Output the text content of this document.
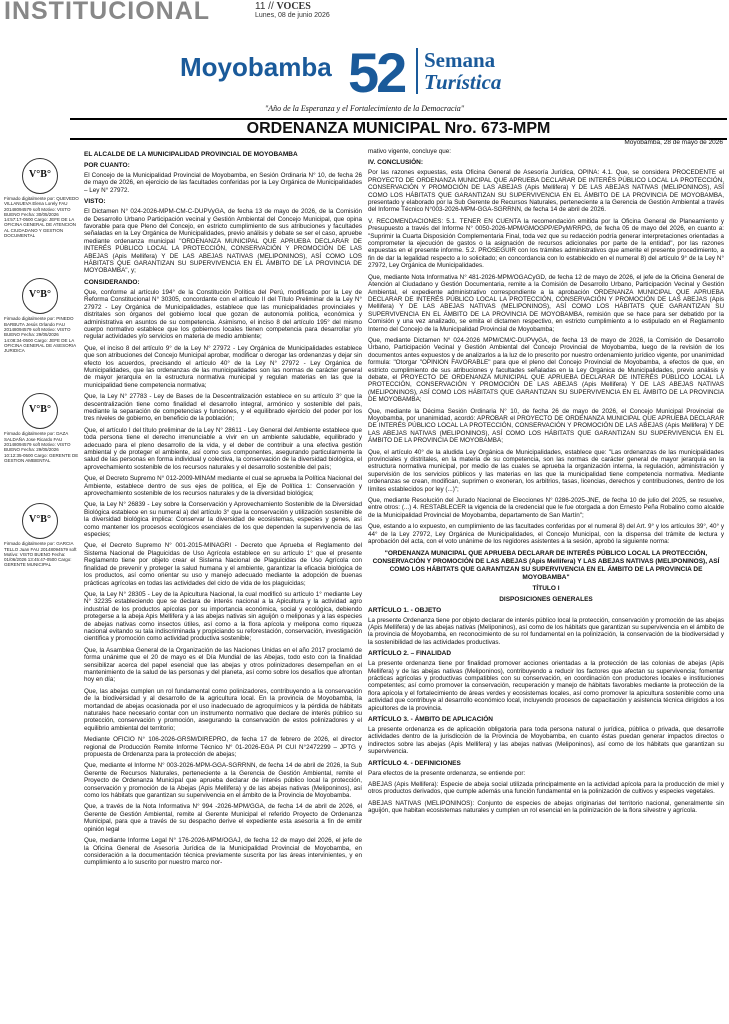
INSTITUCIONAL	11 // VOCES
Lunes, 08 de junio 2026
Moyobamba 52 Semana
Turística
"Año de la Esperanza y el Fortalecimiento de la Democracia"
ORDENANZA MUNICIPAL Nro. 673-MPM
Moyobamba, 28 de mayo de 2026
V°B°
Firmado digitalmente por: QUEVEDO VILLANUEVA Elena Lorely FAU 20148094579 soft Motivo: VISTO BUENO Fecha: 30/05/2026 14:57:17-0500 Cargo: JEFE DE LA OFICINA GENERAL DE ATENCION AL CIUDADANO Y GESTION DOCUMENTAL
V°B°
Firmado digitalmente por: PINEDO BARBUTA Jesús Orlando FAU 20148094579 soft Motivo: VISTO BUENO Fecha: 29/05/2026 14:08:34-0500 Cargo: JEFE DE LA OFICINA GENERAL DE ASESORIA JURIDICA
V°B°
Firmado digitalmente por: DAZA SALDAÑA Jose Ricardo FAU 20148094579 soft Motivo: VISTO BUENO Fecha: 29/05/2026 10:12:35-0500 Cargo: GERENTE DE GESTION AMBIENTAL
V°B°
Firmado digitalmente por: GARCIA TELLO Juan FAU 20148094579 soft Motivo: VISTO BUENO Fecha: 01/06/2026 13:45:47-0500 Cargo: GERENTE MUNICIPAL

EL ALCALDE DE LA MUNICIPALIDAD PROVINCIAL DE MOYOBAMBA

POR CUANTO:

El Concejo de la Municipalidad Provincial de Moyobamba, en Sesión Ordinaria N° 10, de fecha 26 de mayo de 2026, en ejercicio de las facultades conferidas por la Ley Orgánica de Municipalidades – Ley N° 27972.

VISTO:

El Dictamen N° 024-2026-MPM-CM-C-DUPVyGA, de fecha 13 de mayo de 2026, de la Comisión de Desarrollo Urbano Participación vecinal y Gestión Ambiental del Concejo Municipal, que opina favorable para que Pleno del Concejo, en estricto cumplimiento de sus atribuciones y facultades señaladas en la Ley Orgánica de Municipalidades, previo análisis y debate se ser el caso, apruebe mediante ordenanza municipal "ORDENANZA MUNICIPAL QUE APRUEBA DECLARAR DE INTERÉS PÚBLICO LOCAL LA PROTECCIÓN, CONSERVACIÓN Y PROMOCIÓN DE LAS ABEJAS (Apis Mellifera) Y DE LAS ABEJAS NATIVAS (MELIPONINOS), ASÍ COMO LOS HÁBITATS QUE GARANTIZAN SU SUPERVIVENCIA EN EL ÁMBITO DE LA PROVINCIA DE MOYOBAMBA", y;

CONSIDERANDO:

Que, conforme al artículo 194° de la Constitución Política del Perú, modificado por la Ley de Reforma Constitucional N° 30305, concordante con el artículo II del Título Preliminar de la Ley N° 27972 - Ley Orgánica de Municipalidades, establece que las municipalidades provinciales y distritales son órganos del gobierno local que gozan de autonomía política, económica y administrativa en asuntos de su competencia. Asimismo, el inciso 8 del artículo 195° del mismo cuerpo normativo establece que los gobiernos locales tienen competencia para desarrollar y/o regular actividades y/o servicios en materia de medio ambiente;

Que, el inciso 8 del artículo 9° de la Ley N° 27972 - Ley Orgánica de Municipalidades establece que son atribuciones del Concejo Municipal aprobar, modificar o derogar las ordenanzas y dejar sin efecto los acuerdos, precisando el artículo 40° de la Ley N° 27972 - Ley Orgánica de Municipalidades, que las ordenanzas de las municipalidades son las normas de carácter general de mayor jerarquía en la estructura normativa municipal y regulan materias en las que la municipalidad tiene competencia normativa;

Que, la Ley N° 27783 - Ley de Bases de la Descentralización establece en su artículo 3° que la descentralización tiene como finalidad el desarrollo integral, armónico y sostenible del país, mediante la separación de competencias y funciones, y el equilibrado ejercicio del poder por los tres niveles de gobierno, en beneficio de la población;

Que, el artículo I del título preliminar de la Ley N° 28611 - Ley General del Ambiente establece que toda persona tiene el derecho irrenunciable a vivir en un ambiente saludable, equilibrado y adecuado para el pleno desarrollo de la vida, y el deber de contribuir a una efectiva gestión ambiental y de proteger el ambiente, así como sus componentes, asegurando particularmente la salud de las personas en forma individual y colectiva, la conservación de la diversidad biológica, el aprovechamiento sostenible de los recursos naturales y el desarrollo sostenible del país;

Que, el Decreto Supremo N° 012-2009-MINAM mediante el cual se aprueba la Política Nacional del Ambiente, establece dentro de sus ejes de política, el Eje de Política 1: Conservación y aprovechamiento sostenible de los recursos naturales y de la diversidad biológica;

Que, la Ley N° 26839 - Ley sobre la Conservación y Aprovechamiento Sostenible de la Diversidad Biológica establece en su numeral a) del artículo 3° que la conservación y utilización sostenible de la diversidad biológica implica: Conservar la diversidad de ecosistemas, especies y genes, así como mantener los procesos ecológicos esenciales de los que dependen la supervivencia de las especies;

Que, el Decreto Supremo N° 001-2015-MINAGRI - Decreto que Aprueba el Reglamento del Sistema Nacional de Plaguicidas de Uso Agrícola establece en su artículo 1° que el presente Reglamento tiene por objeto crear el Sistema Nacional de Plaguicidas de Uso Agrícola con finalidad de prevenir y proteger la salud humana y el ambiente, garantizar la eficacia biológica de los productos, así como orientar su uso y manejo adecuado mediante la adopción de buenas prácticas agrícolas en todas las actividades del ciclo de vida de los plaguicidas;

Que, la Ley N° 28305 - Ley de la Apicultura Nacional, la cual modificó su artículo 1° mediante Ley N° 32235 estableciendo que se declara de interés nacional a la Apicultura y la actividad agro industrial de los productos apícolas por su importancia económica, social y ecológica, debiendo protegerse a la abeja Apis Mellifera y a las abejas nativas sin aguijón o meliponas y a las especies de abejas nativas como insectos útiles, así como a la flora apícola y melipona como riqueza nacional evitando su tala indiscriminada y propiciando su reforestación, conservación, investigación científica y promoción como actividad productiva sostenible;

Que, la Asamblea General de la Organización de las Naciones Unidas en el año 2017 proclamó de forma unánime que el 20 de mayo es el Día Mundial de las Abejas, todo esto con la finalidad sensibilizar acerca del papel esencial que las abejas y otros polinizadores desempeñan en el mantenimiento de la salud de las personas y del planeta, así como sobre los desafíos que afrontan hoy en día;

Que, las abejas cumplen un rol fundamental como polinizadores, contribuyendo a la conservación de la biodiversidad y al desarrollo de la agricultura local. En la provincia de Moyobamba, la mortandad de abejas ocasionada por el uso inadecuado de agroquímicos y la pérdida de hábitats naturales hace necesario contar con un instrumento normativo que declare de interés público su protección, conservación y promoción, asegurando la conservación de estos polinizadores y el equilibrio ambiental del territorio;

Mediante OFICIO N° 106-2026-GRSM/DIREPRO, de fecha 17 de febrero de 2026, el director regional de Producción Remite Informe Técnico N° 01-2026-EGA PI CUI N°2472299 – JPTG y propuesta de Ordenanza para la protección de abejas;

Que, mediante el Informe N° 003-2026-MPM-GGA-SGRRNN, de fecha 14 de abril de 2026, la Sub Gerente de Recursos Naturales, perteneciente a la Gerencia de Gestión Ambiental, remite el Proyecto de Ordenanza Municipal que aprueba declarar de interés público local la protección, conservación y promoción de la Abejas (Apis Mellifera) y de las abejas nativas (Meliponinos), así como los hábitats que garantizan su supervivencia en el ámbito de la Provincia de Moyobamba.

Que, a través de la Nota Informativa N° 994 -2026-MPM/GGA, de fecha 14 de abril de 2026, el Gerente de Gestión Ambiental, remite al Gerente Municipal el referido Proyecto de Ordenanza Municipal, para que a través de su despacho derive el expediente esta asesoría a fin de emitir opinión legal

Que, mediante Informe Legal N° 176-2026-MPM/OGAJ, de fecha 12 de mayo del 2026, el jefe de la Oficina General de Asesoría Jurídica de la Municipalidad Provincial de Moyobamba, en consideración a la documentación técnica previamente suscrita por las áreas intervinientes, y en cumplimiento a lo suscrito por nuestro marco nor-

mativo vigente, concluye que:

IV. CONCLUSIÓN:

Por las razones expuestas, esta Oficina General de Asesoría Jurídica, OPINA: 4.1. Que, se considera PROCEDENTE el PROYECTO DE ORDENANZA MUNICIPAL QUE APRUEBA DECLARAR DE INTERÉS PÚBLICO LOCAL LA PROTECCIÓN, CONSERVACIÓN Y PROMOCIÓN DE LAS ABEJAS (Apis Mellifera) Y DE LAS ABEJAS NATIVAS (MELIPONINOS), ASÍ COMO LOS HÁBITATS QUE GARANTIZAN SU SUPERVIVENCIA EN EL ÁMBITO DE LA PROVINCIA DE MOYOBAMBA, presentado y elaborado por la Sub Gerente de Recursos Naturales, perteneciente a la Gerencia de Gestión Ambiental a través del Informe Técnico N°003-2026-MPM-GGA-SGRRNN, de fecha 14 de abril de 2026.

V. RECOMENDACIONES: 5.1. TENER EN CUENTA la recomendación emitida por la Oficina General de Planeamiento y Presupuesto a través del Informe N° 0050-2026-MPM/GMOGPP/EPyM/RRPG, de fecha 05 de mayo del 2026, en cuanto a: "Suprimir la Cuarta Disposición Complementaria Final, toda vez que su redacción podría generar interpretaciones orientadas a comprometer la ejecución de gastos o la asignación de recursos adicionales por parte de la entidad", por las razones expuestas en el presente informe. 5.2. PROSEGUIR con los trámites administrativos que amerite el presente procedimiento, a fin de dar la legalidad respecto a lo solicitado; en concordancia con lo establecido en el numeral 8) del artículo 9° de la Ley N° 27972, Ley Orgánica de Municipalidades.

Que, mediante Nota Informativa N° 481-2026-MPM/OGACyGD, de fecha 12 de mayo de 2026, el jefe de la Oficina General de Atención al Ciudadano y Gestión Documentaria, remite a la Comisión de Desarrollo Urbano, Participación Vecinal y Gestión Ambiental, el expediente administrativo correspondiente a la aprobación ORDENANZA MUNICIPAL QUE APRUEBA DECLARAR DE INTERÉS PÚBLICO LOCAL LA PROTECCIÓN, CONSERVACIÓN Y PROMOCIÓN DE LAS ABEJAS (Apis Mellifera) Y DE LAS ABEJAS NATIVAS (MELIPONINOS), ASÍ COMO LOS HÁBITATS QUE GARANTIZAN SU SUPERVIVENCIA EN EL ÁMBITO DE LA PROVINCIA DE MOYOBAMBA, remisión que se hace para ser debatido por la Comisión y una vez analizado, se emita el dictamen respectivo, en estricto cumplimiento a lo estipulado en el Reglamento Interno del Concejo de la Municipalidad Provincial de Moyobamba;

Que, mediante Dictamen N° 024-2026 MPM/CM/C-DUPVyGA, de fecha 13 de mayo de 2026, la Comisión de Desarrollo Urbano, Participación Vecinal y Gestión Ambiental del Concejo Provincial de Moyobamba, luego de la revisión de los documentos antes expuestos y de analizarlos a la luz de lo prescrito por nuestro ordenamiento jurídico vigente, por unanimidad formula: "Otorgar "OPINION FAVORABLE" para que el pleno del Concejo Provincial de Moyobamba, a efectos de que, en estricto cumplimiento de sus atribuciones y facultades señaladas en la Ley Orgánica de Municipalidades, previo análisis y debate, el PROYECTO DE ORDENANZA MUNICIPAL QUE APRUEBA DECLARAR DE INTERÉS PÚBLICO LOCAL LA PROTECCIÓN, CONSERVACIÓN Y PROMOCIÓN DE LAS ABEJAS (Apis Mellifera) Y DE LAS ABEJAS NATIVAS (MELIPONINOS), ASÍ COMO LOS HÁBITATS QUE GARANTIZAN SU SUPERVIVENCIA EN EL ÁMBITO DE LA PROVINCIA DE MOYOBAMBA;

Que, mediante la Décima Sesión Ordinaria N° 10, de fecha 26 de mayo de 2026, el Concejo Municipal Provincial de Moyobamba, por unanimidad, acordó: APROBAR el PROYECTO DE ORDENANZA MUNICIPAL QUE APRUEBA DECLARAR DE INTERÉS PÚBLICO LOCAL LA PROTECCIÓN, CONSERVACIÓN Y PROMOCIÓN DE LAS ABEJAS (Apis Mellifera) Y DE LAS ABEJAS NATIVAS (MELIPONINOS), ASÍ COMO LOS HÁBITATS QUE GARANTIZAN SU SUPERVIVENCIA EN EL ÁMBITO DE LA PROVINCIA DE MOYOBAMBA;

Que, el artículo 40° de la aludida Ley Orgánica de Municipalidades, establece que: "Las ordenanzas de las municipalidades provinciales y distritales, en la materia de su competencia, son las normas de carácter general de mayor jerarquía en la estructura normativa municipal, por medio de las cuales se aprueba la organización interna, la regulación, administración y supervisión de los servicios públicos y las materias en las que la municipalidad tiene competencia normativa. Mediante ordenanzas se crean, modifican, suprimen o exoneran, los arbitrios, tasas, licencias, derechos y contribuciones, dentro de los límites establecidos por ley (...)";

Que, mediante Resolución del Jurado Nacional de Elecciones N° 0286-2025-JNE, de fecha 10 de julio del 2025, se resuelve, entre otros: (...) 4. RESTABLECER la vigencia de la credencial que le fue otorgada a don Ernesto Peña Robalino como alcalde de la Municipalidad Provincial de Moyobamba, departamento de San Martín";

Que, estando a lo expuesto, en cumplimiento de las facultades conferidas por el numeral 8) del Art. 9° y los artículos 39°, 40° y 44° de la Ley 27972, Ley Orgánica de Municipalidades, el Concejo Municipal, con la dispensa del trámite de lectura y aprobación del acta, con el voto unánime de los regidores asistentes a la sesión, aprobó la siguiente norma:

"ORDENANZA MUNICIPAL QUE APRUEBA DECLARAR DE INTERÉS PÚBLICO LOCAL LA PROTECCIÓN, CONSERVACIÓN Y PROMOCIÓN DE LAS ABEJAS (Apis Mellifera) Y LAS ABEJAS NATIVAS (MELIPONINOS), ASÍ COMO LOS HÁBITATS QUE GARANTIZAN SU SUPERVIVENCIA EN EL ÁMBITO DE LA PROVINCIA DE MOYOBAMBA"

TÍTULO I

DISPOSICIONES GENERALES

ARTÍCULO 1. - OBJETO

La presente Ordenanza tiene por objeto declarar de interés público local la protección, conservación y promoción de las abejas (Apis Mellifera) y de las abejas nativas (Meliponinos), así como de los hábitats que garantizan su supervivencia en el ámbito de la provincia de Moyobamba, en reconocimiento de su rol fundamental en la polinización, la conservación de la biodiversidad y la sostenibilidad de las actividades productivas.

ARTÍCULO 2. – FINALIDAD

La presente ordenanza tiene por finalidad promover acciones orientadas a la protección de las colonias de abejas (Apis Mellifera) y de las abejas nativas (Meliponinos), contribuyendo a reducir los factores que afectan su supervivencia; fomentar prácticas agrícolas y productivas compatibles con su conservación, en coordinación con productores locales e instituciones competentes; así como promover la conservación, recuperación y manejo de hábitats favorables mediante la protección de la flora apícola y el fortalecimiento de áreas verdes y ecosistemas locales, así como promover la apicultura sostenible como una actividad que contribuye al desarrollo económico local, incluyendo procesos de capacitación y asistencia técnica dirigidos a los apicultores de la provincia.

ARTÍCULO 3. - ÁMBITO DE APLICACIÓN

La presente ordenanza es de aplicación obligatoria para toda persona natural o jurídica, pública o privada, que desarrolle actividades dentro de la jurisdicción de la Provincia de Moyobamba, en cuanto éstas puedan generar impactos directos o indirectos sobre las abejas (Apis Mellifera) y las abejas nativas (Meliponinos), así como de los hábitats que garantizan su supervivencia.

ARTÍCULO 4. - DEFINICIONES

Para efectos de la presente ordenanza, se entiende por:

ABEJAS (Apis Mellifera): Especie de abeja social utilizada principalmente en la actividad apícola para la producción de miel y otros productos derivados, que cumple además una función fundamental en la polinización de cultivos y especies vegetales.

ABEJAS NATIVAS (MELIPONINOS): Conjunto de especies de abejas originarias del territorio nacional, generalmente sin aguijón, que habitan ecosistemas naturales y cumplen un rol esencial en la polinización de la flora silvestre y agrícola.
